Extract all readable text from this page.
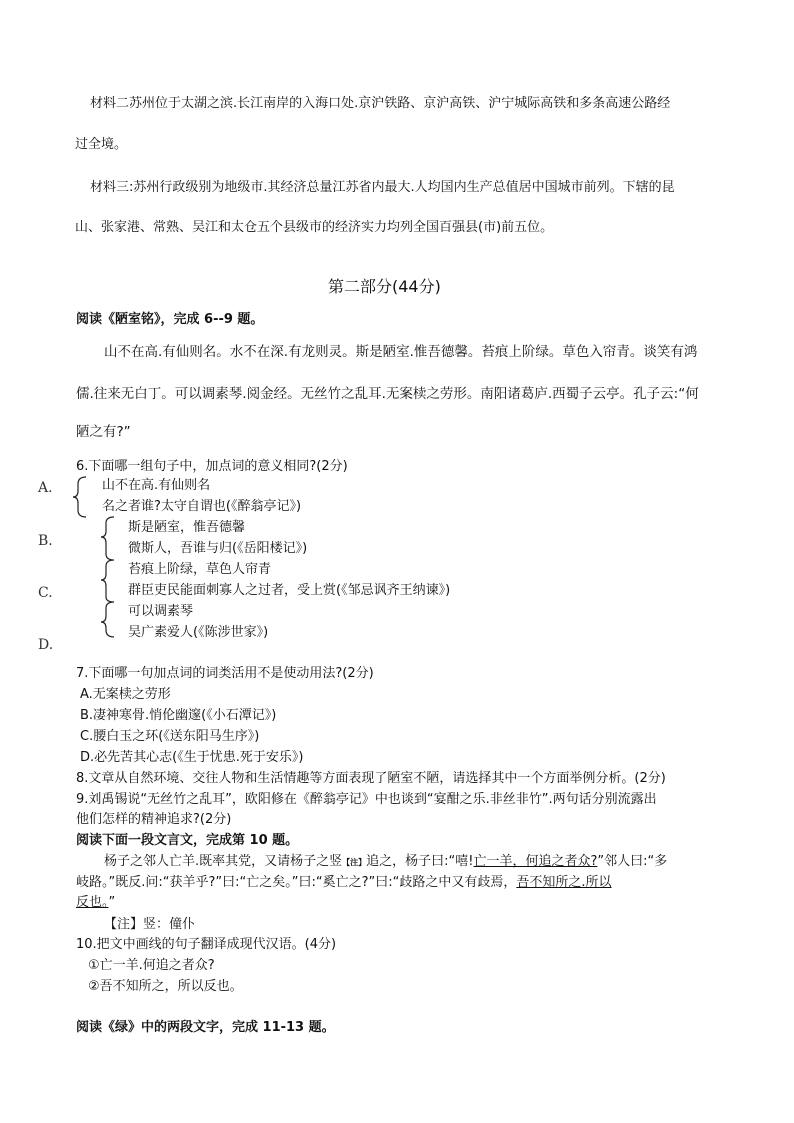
材料二苏州位于太湖之滨.长江南岸的入海口处.京沪铁路、京沪高铁、沪宁城际高铁和多条高速公路经
过全境。
材料三:苏州行政级别为地级市.其经济总量江苏省内最大.人均国内生产总值居中国城市前列。下辖的昆
山、张家港、常熟、吴江和太仓五个县级市的经济实力均列全国百强县(市)前五位。
第二部分(44分)
阅读《陋室铭》，完成 6--9 题。
山不在高.有仙则名。水不在深.有龙则灵。斯是陋室.惟吾德馨。苔痕上阶绿。草色入帘青。谈笑有鸿
儒.往来无白丁。可以调素琴.阅金经。无丝竹之乱耳.无案椟之劳形。南阳诸葛庐.西蜀子云亭。孔子云:“何
陋之有?”
6.下面哪一组句子中，加点词的意义相同?(2分)
A.
B.
C.
D.
山不在高.有仙则名
名之者谁?太守自谓也(《醉翁亭记》)
斯是陋室，惟吾德馨
微斯人，吾谁与归(《岳阳楼记》)
苔痕上阶绿，草色人帘青
群臣吏民能面刺寡人之过者，受上赏(《邹忌讽齐王纳谏》)
可以调素琴
吴广素爱人(《陈涉世家》)
7.下面哪一句加点词的词类活用不是使动用法?(2分)
A.无案椟之劳形
B.凄神寒骨.悄伦幽邃(《小石潭记》)
C.腰白玉之环(《送东阳马生序》)
D.必先苦其心志(《生于忧患.死于安乐》)
8.文章从自然环境、交往人物和生活情趣等方面表现了陋室不陋，请选择其中一个方面举例分析。(2分)
9.刘禹锡说“无丝竹之乱耳”，欧阳修在《醉翁亭记》中也谈到“宴酣之乐.非丝非竹”.两句话分别流露出
他们怎样的精神追求?(2分)
阅读下面一段文言文，完成第 10 题。
杨子之邻人亡羊.既率其党，又请杨子之竖【注】追之，杨子曰:“嘻!亡一羊，何追之者众?”邻人曰:“多
岐路。”既反.问:“获羊乎?”曰:“亡之矣。”曰:“奚亡之?”曰:“歧路之中又有歧焉，吾不知所之.所以
反也。”
【注】竖：僮仆
10.把文中画线的句子翻译成现代汉语。(4分)
①亡一羊.何追之者众?
②吾不知所之，所以反也。
阅读《绿》中的两段文字，完成 11-13 题。
